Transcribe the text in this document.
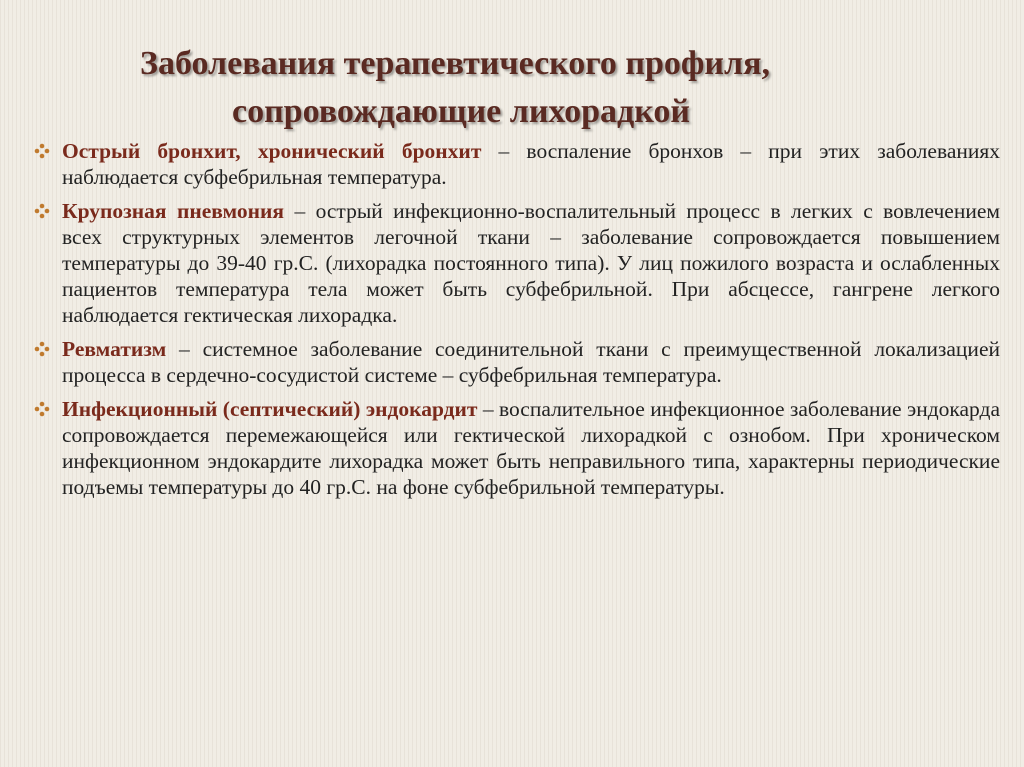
Заболевания терапевтического профиля,
сопровождающие лихорадкой
Острый бронхит, хронический бронхит – воспаление бронхов – при этих заболеваниях наблюдается субфебрильная температура.
Крупозная пневмония – острый инфекционно-воспалительный процесс в легких с вовлечением всех структурных элементов легочной ткани – заболевание сопровождается повышением температуры до 39-40 гр.С. (лихорадка постоянного типа). У лиц пожилого возраста и ослабленных пациентов температура тела может быть субфебрильной. При абсцессе, гангрене легкого наблюдается гектическая лихорадка.
Ревматизм – системное заболевание соединительной ткани с преимущественной локализацией процесса в сердечно-сосудистой системе – субфебрильная температура.
Инфекционный (септический) эндокардит – воспалительное инфекционное заболевание эндокарда сопровождается перемежающейся или гектической лихорадкой с ознобом. При хроническом инфекционном эндокардите лихорадка может быть неправильного типа, характерны периодические подъемы температуры до 40 гр.С. на фоне субфебрильной температуры.
